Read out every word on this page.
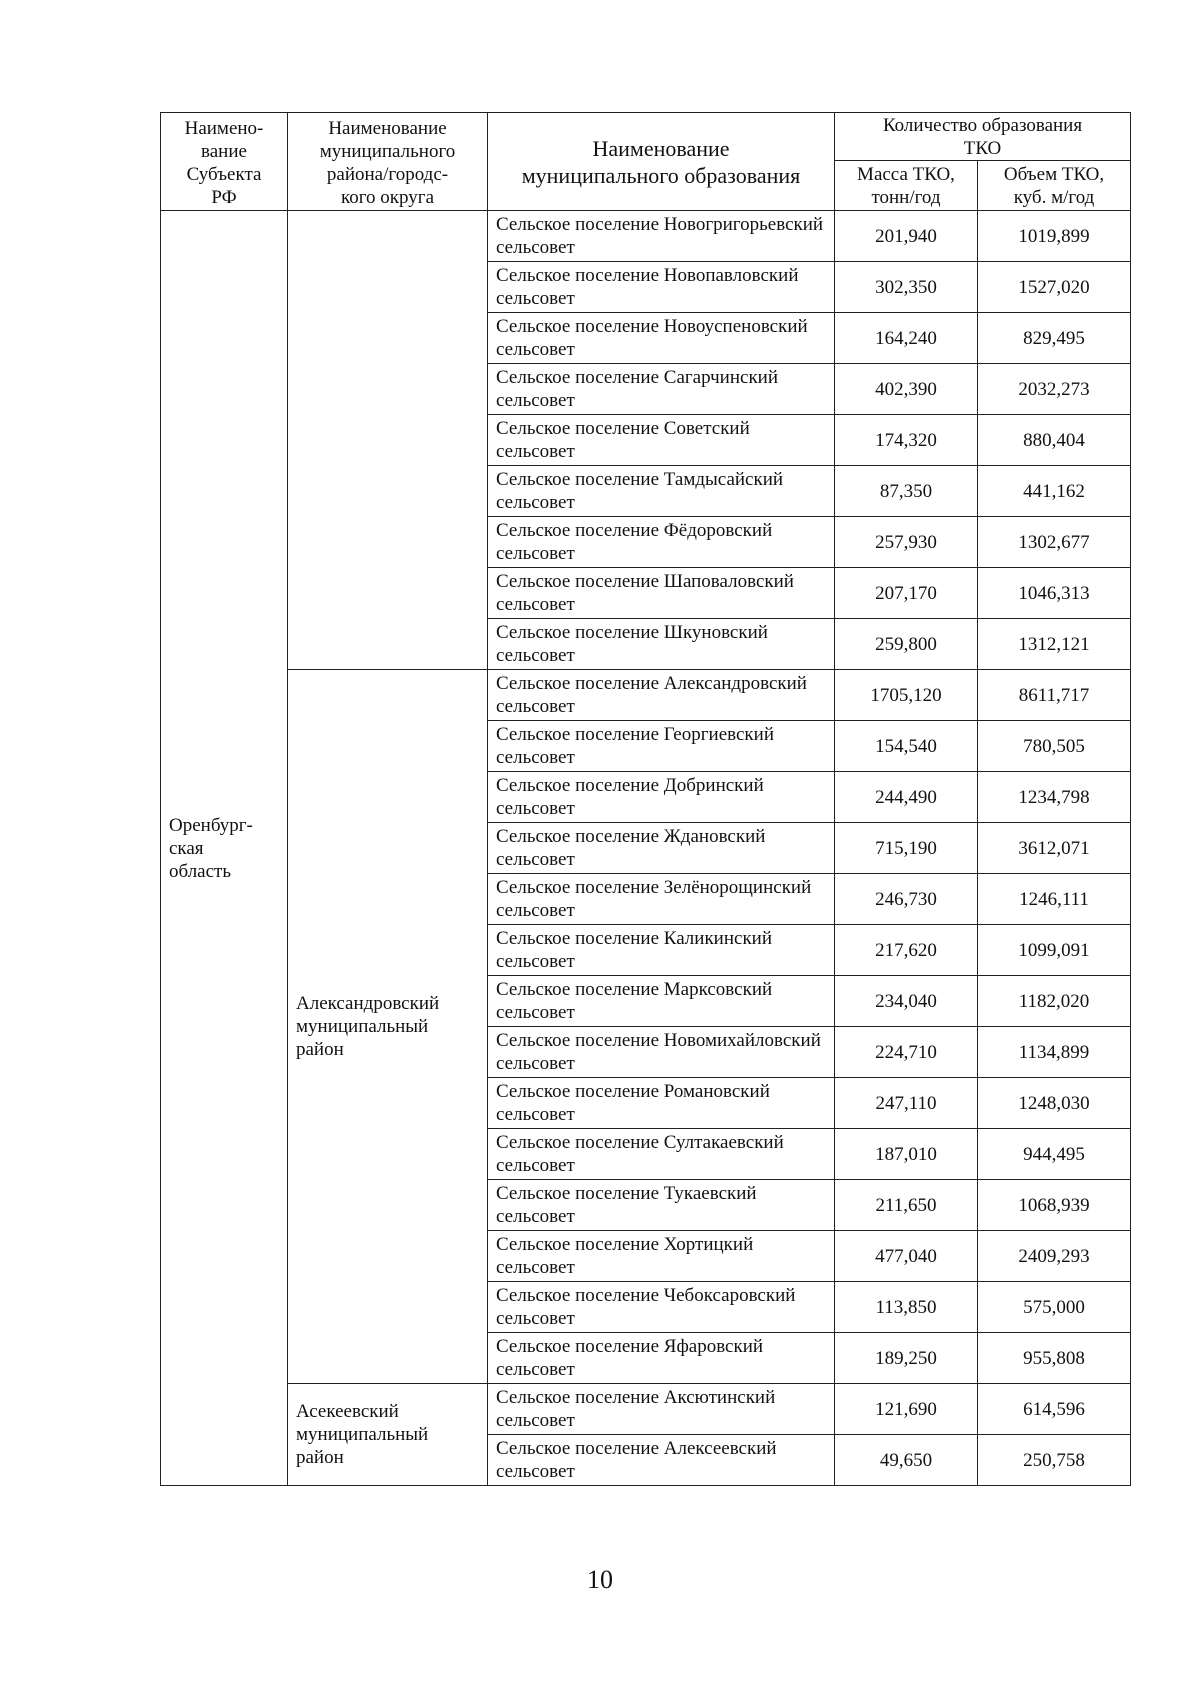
Наимено-
вание
Субъекта
РФ	Наименование
муниципального
района/городс-
кого округа	Наименование
муниципального образования	Количество образования
ТКО	
			Масса ТКО,
тонн/год	Объем ТКО,
куб. м/год
Оренбург-
ская
область		Сельское поселение Новогригорьевский сельсовет	201,940	1019,899
		Сельское поселение Новопавловский сельсовет	302,350	1527,020
		Сельское поселение Новоуспеновский сельсовет	164,240	829,495
		Сельское поселение Сагарчинский сельсовет	402,390	2032,273
		Сельское поселение Советский сельсовет	174,320	880,404
		Сельское поселение Тамдысайский сельсовет	87,350	441,162
		Сельское поселение Фёдоровский сельсовет	257,930	1302,677
		Сельское поселение Шаповаловский сельсовет	207,170	1046,313
		Сельское поселение Шкуновский сельсовет	259,800	1312,121
	Александровский
муниципальный
район	Сельское поселение Александровский сельсовет	1705,120	8611,717
		Сельское поселение Георгиевский сельсовет	154,540	780,505
		Сельское поселение Добринский сельсовет	244,490	1234,798
		Сельское поселение Ждановский сельсовет	715,190	3612,071
		Сельское поселение Зелёнорощинский сельсовет	246,730	1246,111
		Сельское поселение Каликинский сельсовет	217,620	1099,091
		Сельское поселение Марксовский сельсовет	234,040	1182,020
		Сельское поселение Новомихайловский сельсовет	224,710	1134,899
		Сельское поселение Романовский сельсовет	247,110	1248,030
		Сельское поселение Султакаевский сельсовет	187,010	944,495
		Сельское поселение Тукаевский сельсовет	211,650	1068,939
		Сельское поселение Хортицкий сельсовет	477,040	2409,293
		Сельское поселение Чебоксаровский сельсовет	113,850	575,000
		Сельское поселение Яфаровский сельсовет	189,250	955,808
	Асекеевский
муниципальный
район	Сельское поселение Аксютинский сельсовет	121,690	614,596
		Сельское поселение Алексеевский сельсовет	49,650	250,758
10
